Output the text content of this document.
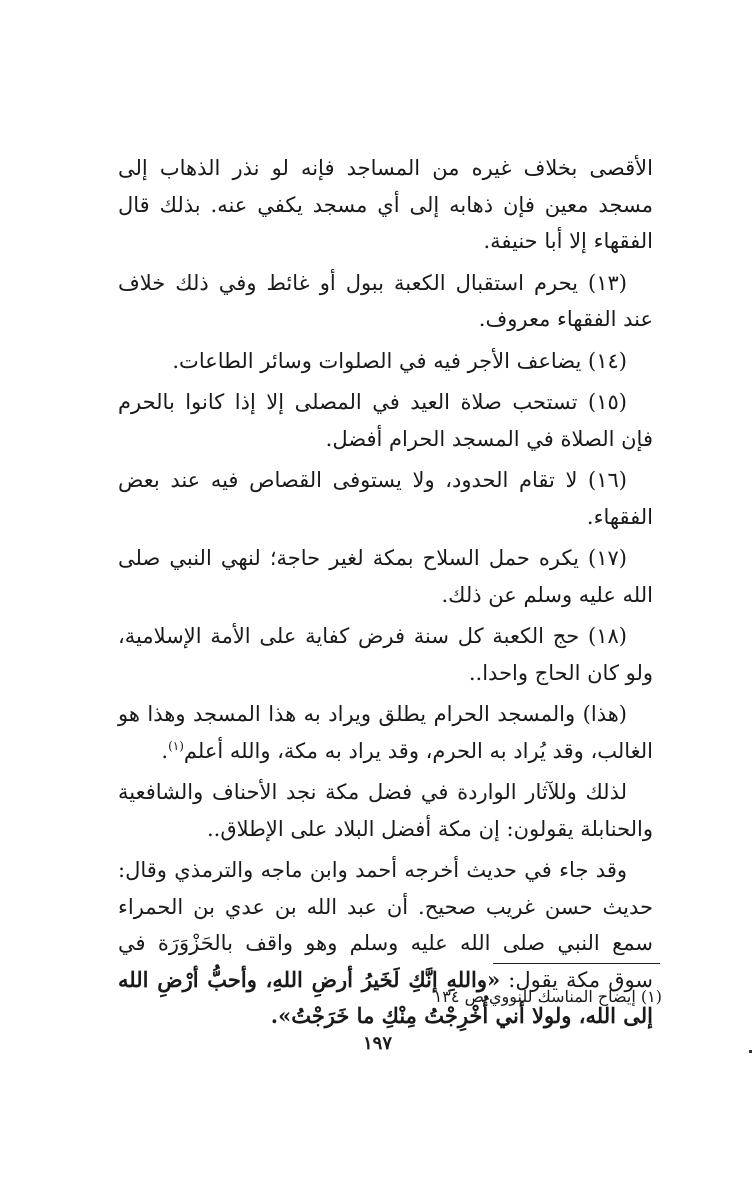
الأقصى بخلاف غيره من المساجد فإنه لو نذر الذهاب إلى مسجد معين فإن ذهابه إلى أي مسجد يكفي عنه. بذلك قال الفقهاء إلا أبا حنيفة.

(١٣) يحرم استقبال الكعبة ببول أو غائط وفي ذلك خلاف عند الفقهاء معروف.

(١٤) يضاعف الأجر فيه في الصلوات وسائر الطاعات.

(١٥) تستحب صلاة العيد في المصلى إلا إذا كانوا بالحرم فإن الصلاة في المسجد الحرام أفضل.

(١٦) لا تقام الحدود، ولا يستوفى القصاص فيه عند بعض الفقهاء.

(١٧) يكره حمل السلاح بمكة لغير حاجة؛ لنهي النبي صلى الله عليه وسلم عن ذلك.

(١٨) حج الكعبة كل سنة فرض كفاية على الأمة الإسلامية، ولو كان الحاج واحدا..

(هذا) والمسجد الحرام يطلق ويراد به هذا المسجد وهذا هو الغالب، وقد يُراد به الحرم، وقد يراد به مكة، والله أعلم$^{(١)}$.

لذلك وللآثار الواردة في فضل مكة نجد الأحناف والشافعية والحنابلة يقولون: إن مكة أفضل البلاد على الإطلاق..

وقد جاء في حديث أخرجه أحمد وابن ماجه والترمذي وقال: حديث حسن غريب صحيح. أن عبد الله بن عدي بن الحمراء سمع النبي صلى الله عليه وسلم وهو واقف بالحَزْوَرَة في سوق مكة يقول: «واللهِ إنَّكِ لَخَيرُ أرضِ اللهِ، وأحبُّ أرْضِ الله إلى الله، ولولا أني أُخْرِجْتُ مِنْكِ ما خَرَجْتُ».

(١) إيضاح المناسك للنووي ص ١٣٤
١٩٧
